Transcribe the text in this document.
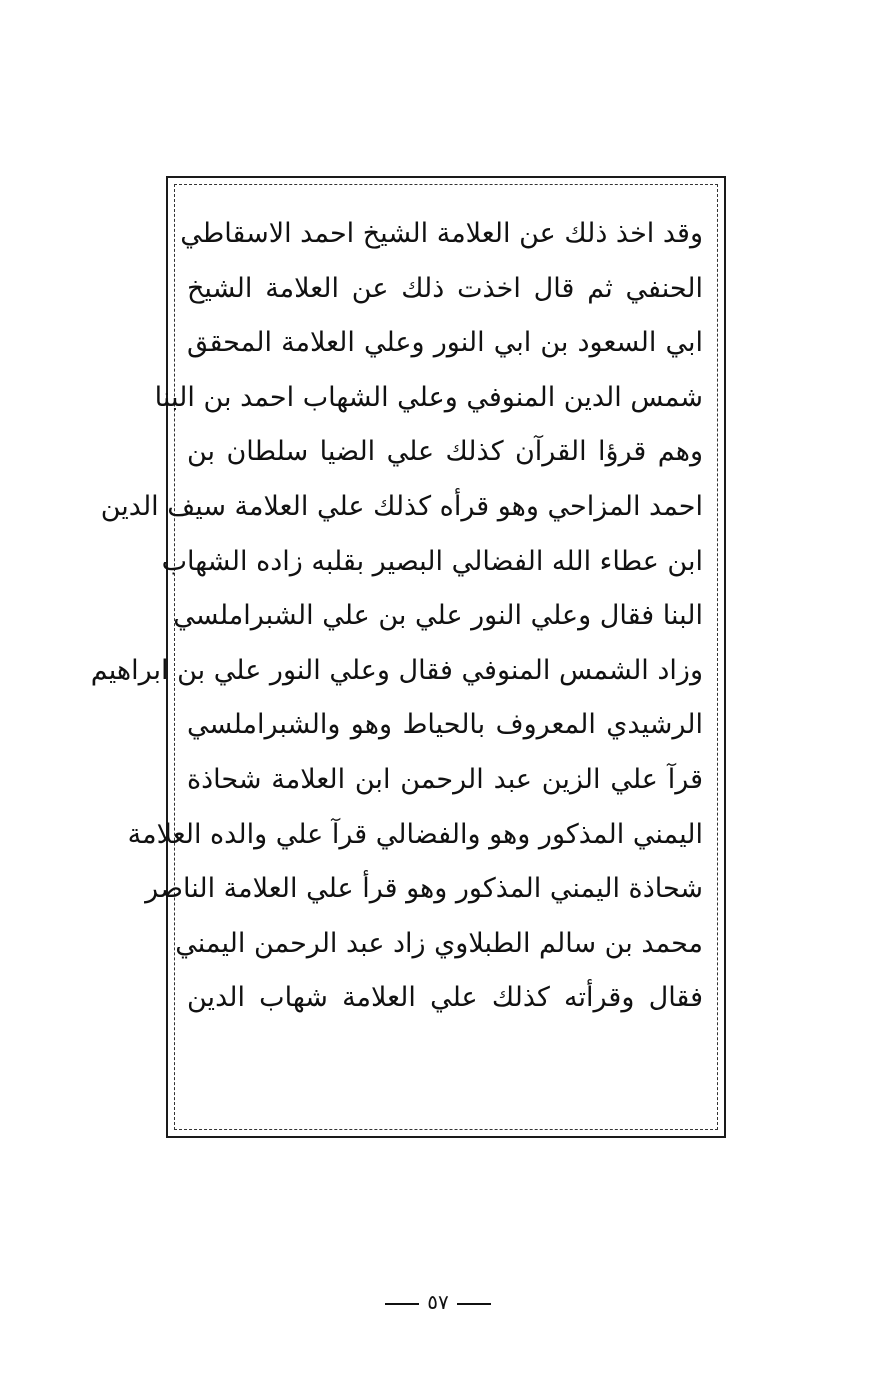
وقد اخذ ذلك عن العلامة الشيخ احمد الاسقاطي
الحنفي ثم قال اخذت ذلك عن العلامة الشيخ
ابي السعود بن ابي النور وعلي العلامة المحقق
شمس الدين المنوفي وعلي الشهاب احمد بن البنا
وهم قرؤا القرآن كذلك علي الضيا سلطان بن
احمد المزاحي وهو قرأه كذلك علي العلامة سيف الدين
ابن عطاء الله الفضالي البصير بقلبه زاده الشهاب
البنا فقال وعلي النور علي بن علي الشبراملسي
وزاد الشمس المنوفي فقال وعلي النور علي بن ابراهيم
الرشيدي المعروف بالحياط وهو والشبراملسي
قرآ علي الزين عبد الرحمن ابن العلامة شحاذة
اليمني المذكور وهو والفضالي قرآ علي والده العلامة
شحاذة اليمني المذكور وهو قرأ علي العلامة الناصر
محمد بن سالم الطبلاوي زاد عبد الرحمن اليمني
فقال وقرأته كذلك علي العلامة شهاب الدين
٥٧
